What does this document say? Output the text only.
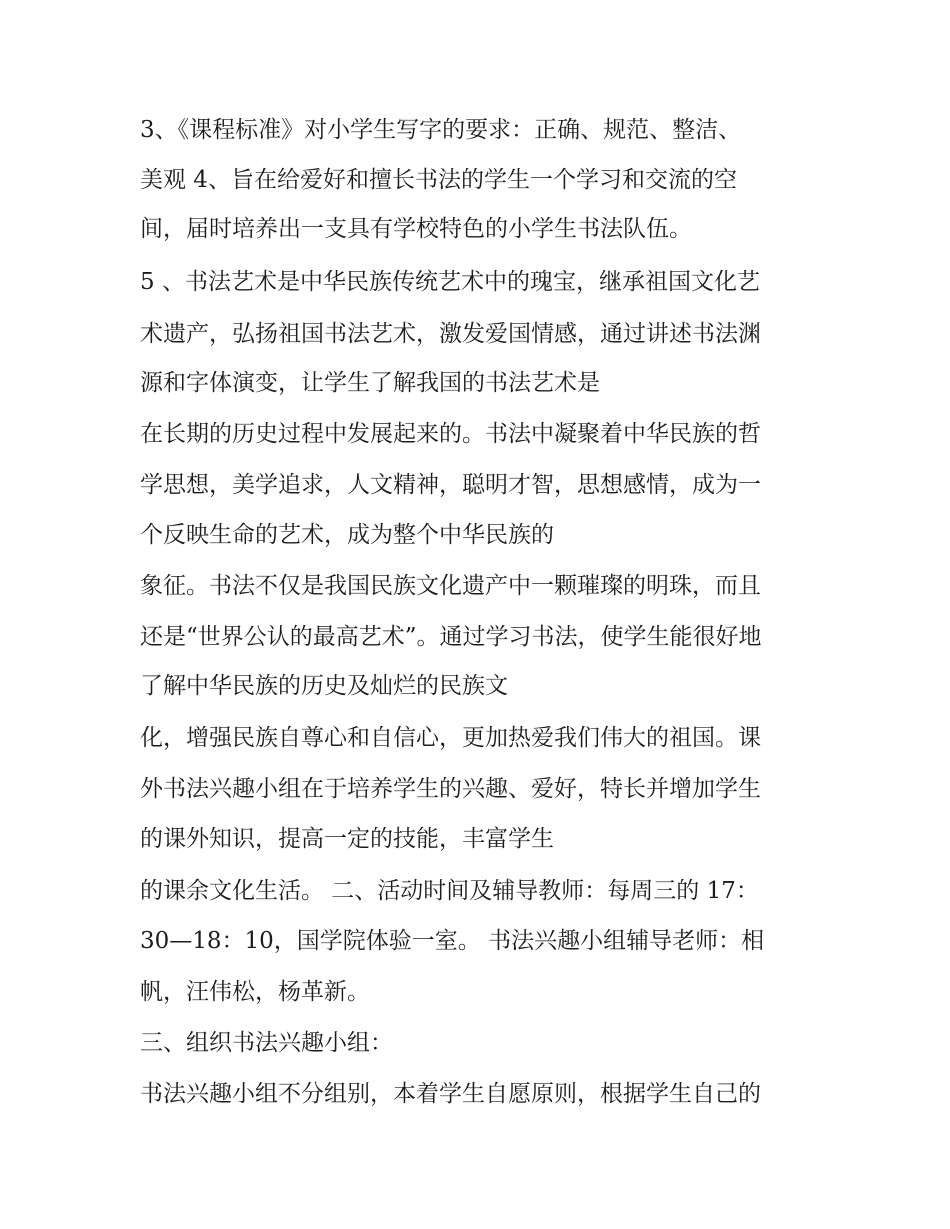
3、《课程标准》对小学生写字的要求：正确、规范、整洁、

美观 4、旨在给爱好和擅长书法的学生一个学习和交流的空

间，届时培养出一支具有学校特色的小学生书法队伍。

5 、书法艺术是中华民族传统艺术中的瑰宝，继承祖国文化艺

术遗产，弘扬祖国书法艺术，激发爱国情感，通过讲述书法渊

源和字体演变，让学生了解我国的书法艺术是

在长期的历史过程中发展起来的。书法中凝聚着中华民族的哲

学思想，美学追求，人文精神，聪明才智，思想感情，成为一

个反映生命的艺术，成为整个中华民族的

象征。书法不仅是我国民族文化遗产中一颗璀璨的明珠，而且

还是“世界公认的最高艺术”。通过学习书法，使学生能很好地

了解中华民族的历史及灿烂的民族文

化，增强民族自尊心和自信心，更加热爱我们伟大的祖国。课

外书法兴趣小组在于培养学生的兴趣、爱好，特长并增加学生

的课外知识，提高一定的技能，丰富学生

的课余文化生活。 二、活动时间及辅导教师：每周三的 17：

30—18：10，国学院体验一室。 书法兴趣小组辅导老师：相

帆，汪伟松，杨革新。

三、组织书法兴趣小组：

书法兴趣小组不分组别，本着学生自愿原则，根据学生自己的
